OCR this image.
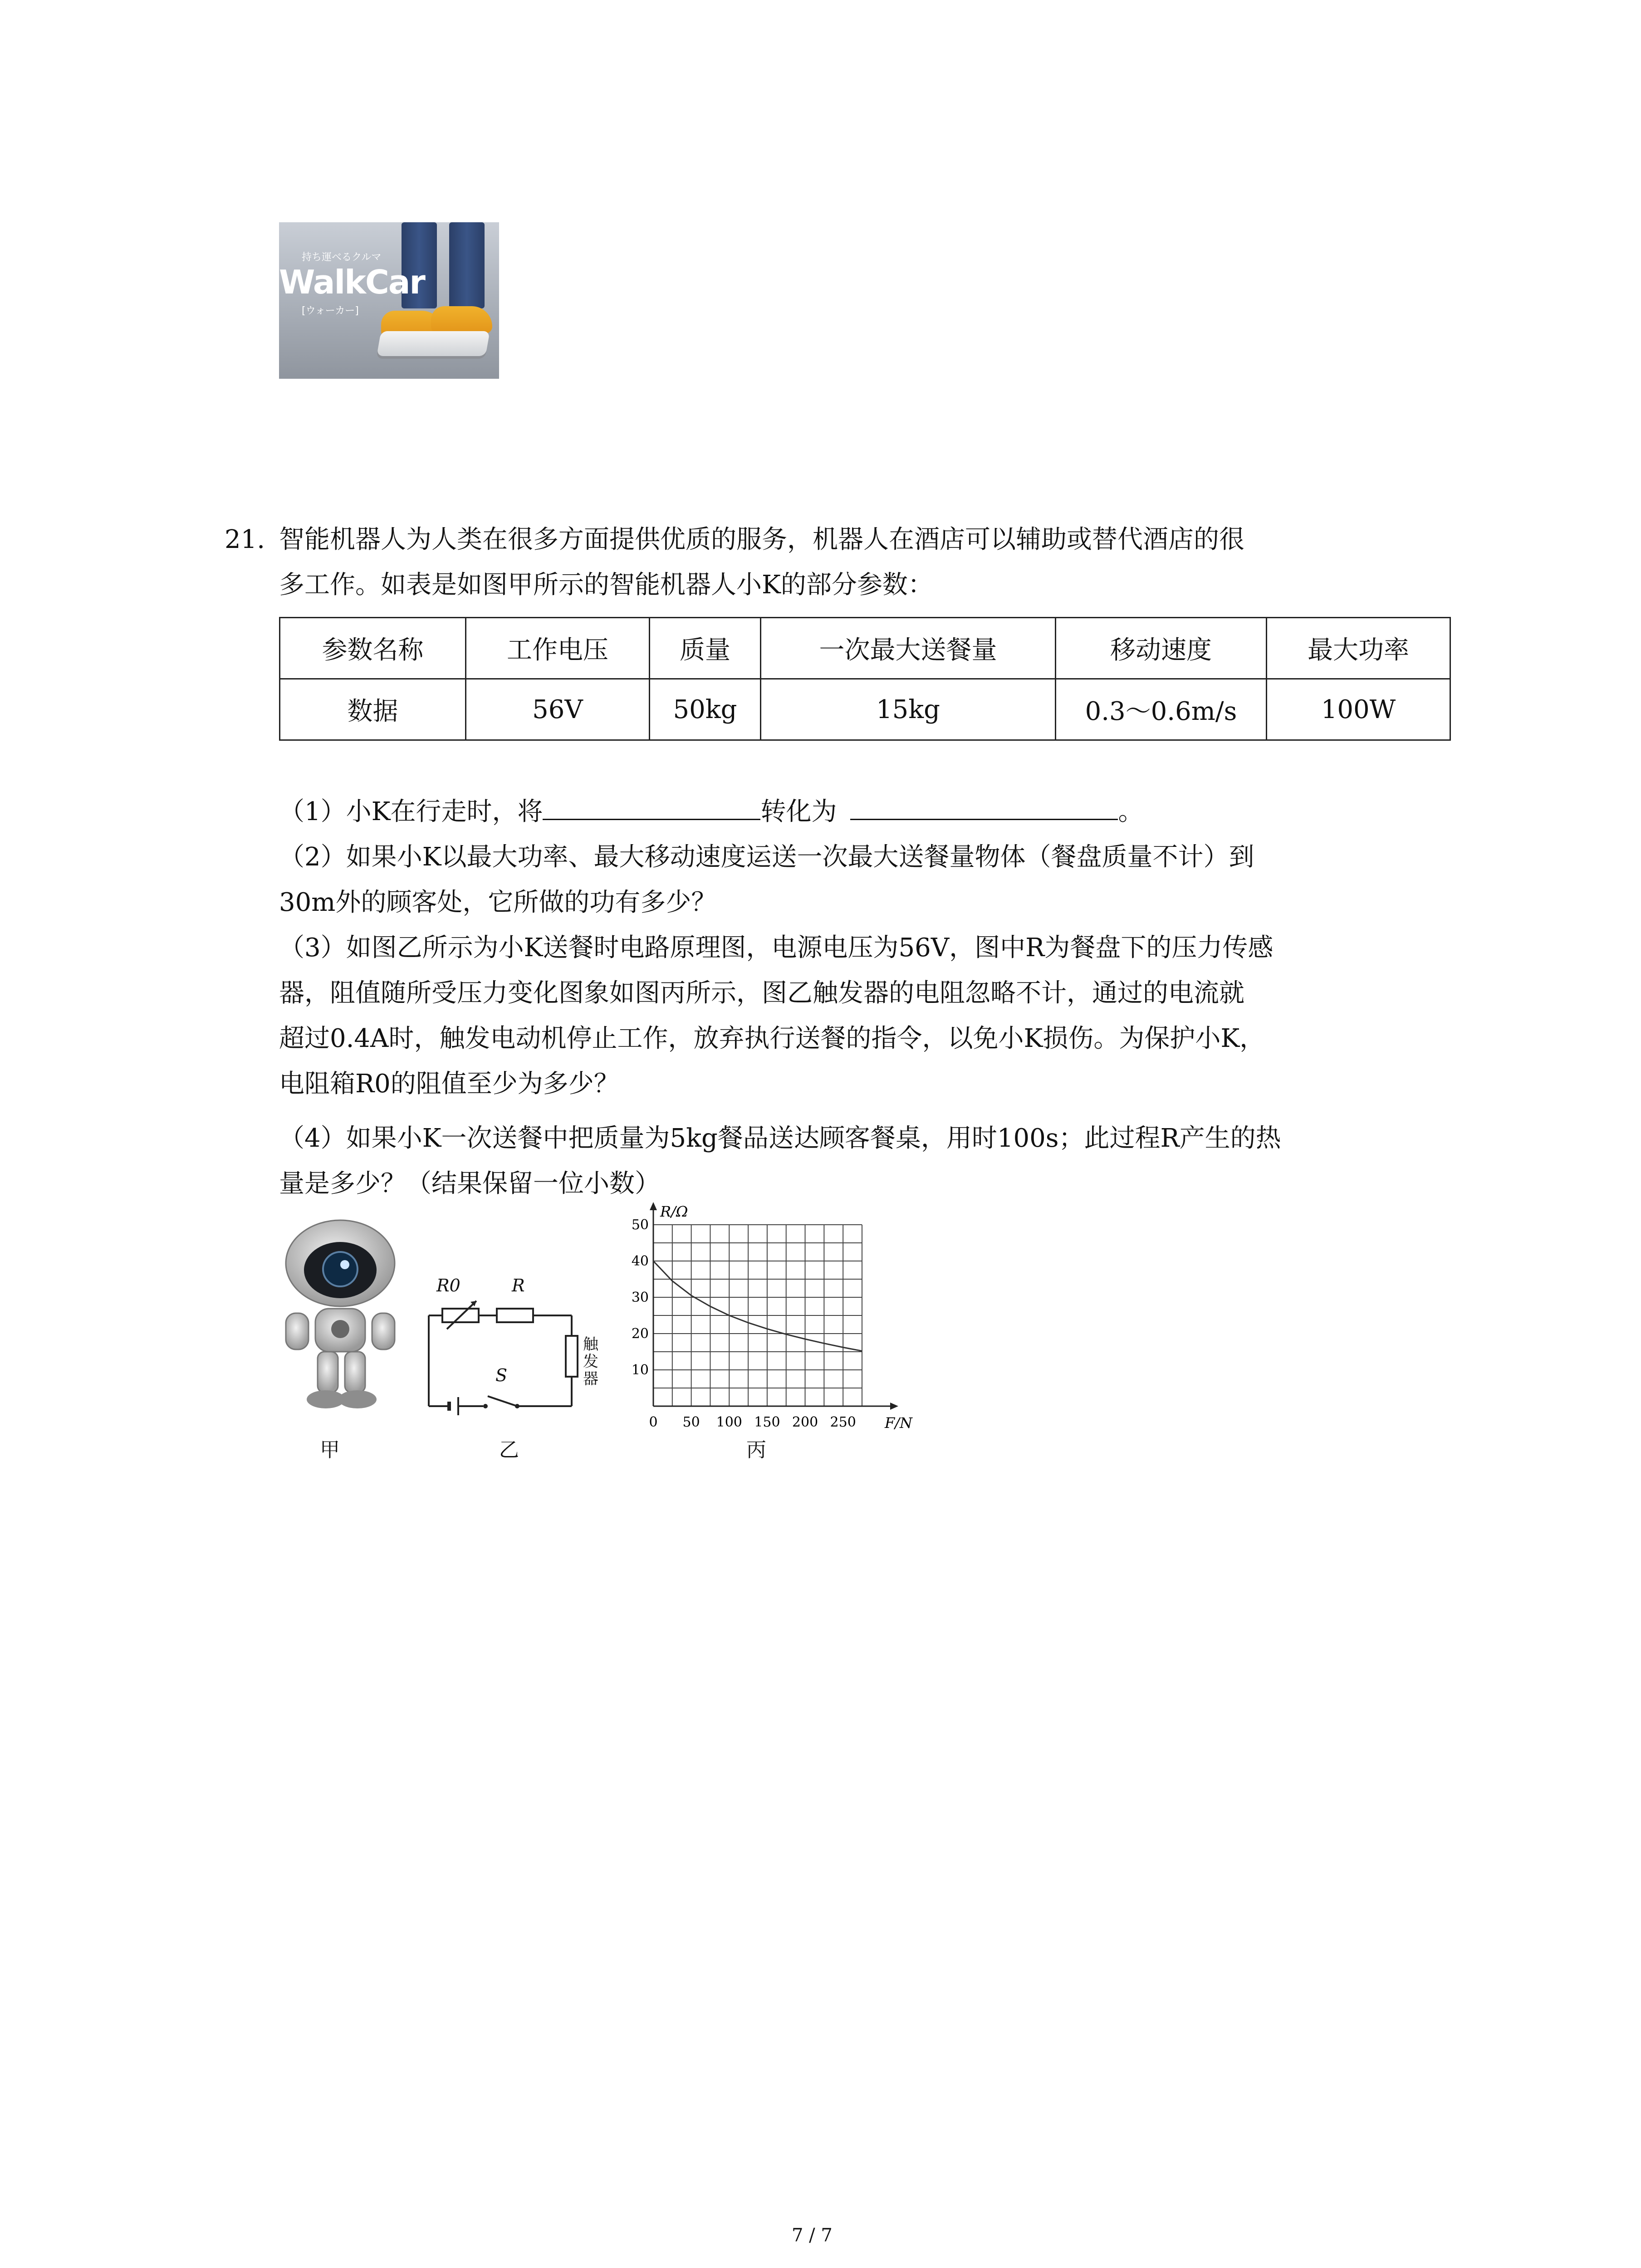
持ち運べるクルマ
WalkCar
[ウォーカー]
21. 智能机器人为人类在很多方面提供优质的服务，机器人在酒店可以辅助或替代酒店的很
多工作。如表是如图甲所示的智能机器人小K的部分参数：
参数名称	工作电压	质量	一次最大送餐量	移动速度	最大功率
数据	56V	50kg	15kg	0.3～0.6m/s	100W
（1）小K在行走时，将	转化为	。
（2）如果小K以最大功率、最大移动速度运送一次最大送餐量物体（餐盘质量不计）到
30m外的顾客处，它所做的功有多少？
（3）如图乙所示为小K送餐时电路原理图，电源电压为56V，图中R为餐盘下的压力传感
器，阻值随所受压力变化图象如图丙所示，图乙触发器的电阻忽略不计，通过的电流就
超过0.4A时，触发电动机停止工作，放弃执行送餐的指令，以免小K损伤。为保护小K，
电阻箱R0的阻值至少为多少？
（4）如果小K一次送餐中把质量为5kg餐品送达顾客餐桌，用时100s；此过程R产生的热
量是多少？（结果保留一位小数）
甲
R0	R
S
触发器
乙
0 50 100 150 200 250
10
20
30
40
50
F/N
R/Ω
丙
7 / 7
